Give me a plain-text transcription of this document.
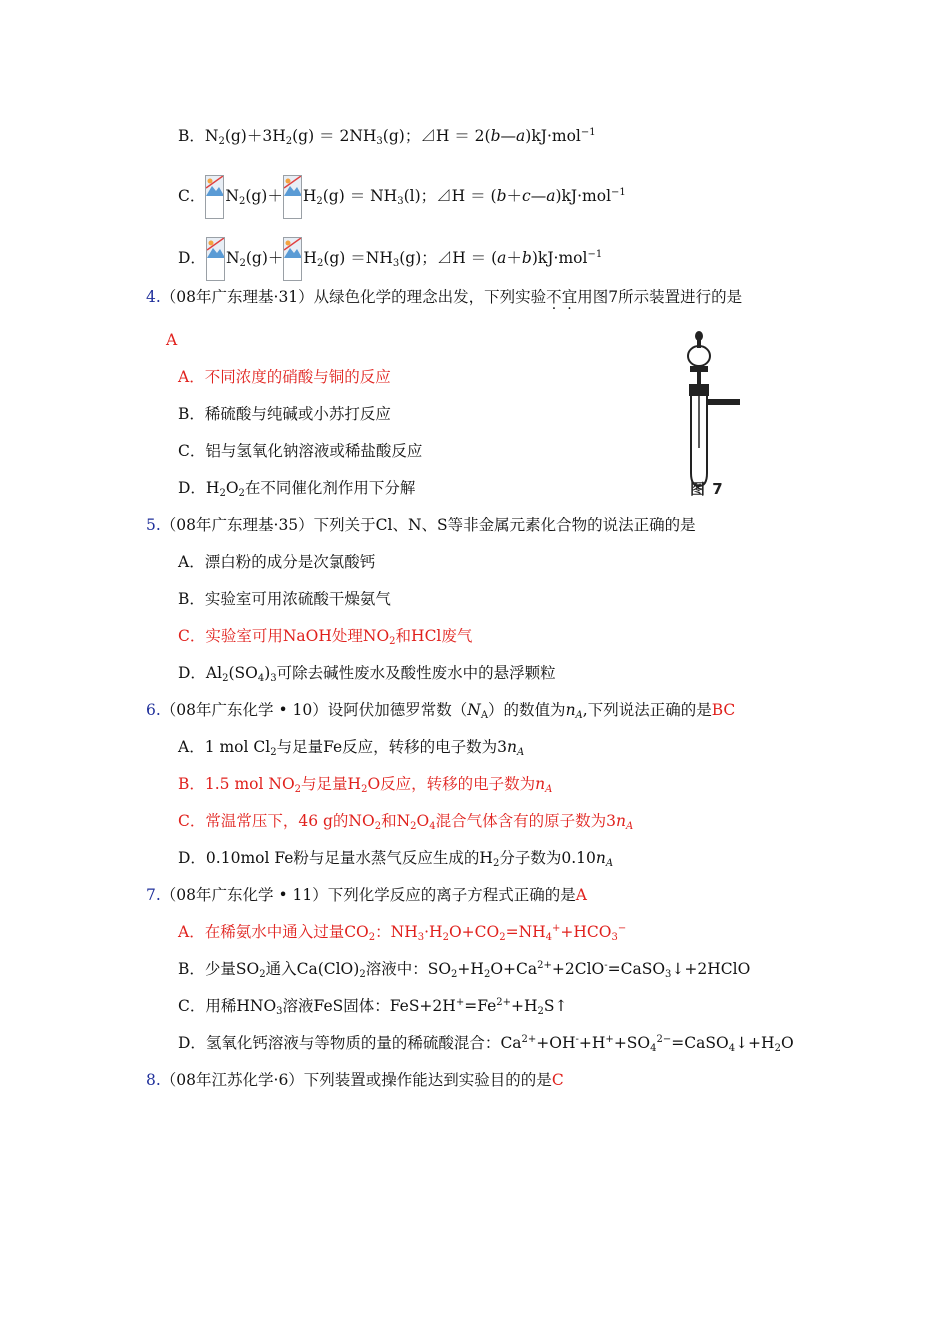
B．$N_2(g)+3H_2(g) = 2NH_3(g)$；⊿H ＝ 2(b—a)kJ·mol$^{-1}$
C． $N_2(g)+ H_2(g) = NH_3(l)$；⊿H ＝ (b＋c—a)kJ·mol$^{-1}$
D． $N_2(g)+ H_2(g) =NH_3(g)$；⊿H ＝ (a＋b)kJ·mol$^{-1}$
4.（08年广东理基·31）从绿色化学的理念出发，下列实验不宜用图7所示装置进行的是
A
A．不同浓度的硝酸与铜的反应
B．稀硫酸与纯碱或小苏打反应
C．铝与氢氧化钠溶液或稀盐酸反应
D．$H_2O_2$在不同催化剂作用下分解	图 7
5.（08年广东理基·35）下列关于Cl、N、S等非金属元素化合物的说法正确的是
A．漂白粉的成分是次氯酸钙
B．实验室可用浓硫酸干燥氨气
C．实验室可用NaOH处理$NO_2$和HCl废气
D．$Al_2(SO_4)_3$可除去碱性废水及酸性废水中的悬浮颗粒
6.（08年广东化学 • 10）设阿伏加德罗常数$(N_A)$的数值为$n_A$,下列说法正确的是BC
A．1 mol $Cl_2$与足量Fe反应，转移的电子数为$3n_A$
B．1.5 mol $NO_2$与足量$H_2O$反应，转移的电子数为$n_A$
C．常温常压下，46 g的$NO_2$和$N_2O_4$混合气体含有的原子数为$3n_A$
D．0.10mol Fe粉与足量水蒸气反应生成的$H_2$分子数为$0.10n_A$
7.（08年广东化学 • 11）下列化学反应的离子方程式正确的是A
A．在稀氨水中通入过量$CO_2$：$NH_3\cdot H_2O+CO_2=NH_4^++HCO_3^-$
B．少量$SO_2$通入$Ca(ClO)_2$溶液中：$SO_2+H_2O+Ca^{2+}+2ClO^-=CaSO_3↓+2HClO$
C．用稀$HNO_3$溶液FeS固体：$FeS+2H^+=Fe^{2+}+H_2S↑$
D．氢氧化钙溶液与等物质的量的稀硫酸混合：$Ca^{2+}+OH^-+H^++SO_4^{2-}=CaSO_4↓+H_2O$
8.（08年江苏化学·6）下列装置或操作能达到实验目的的是C
